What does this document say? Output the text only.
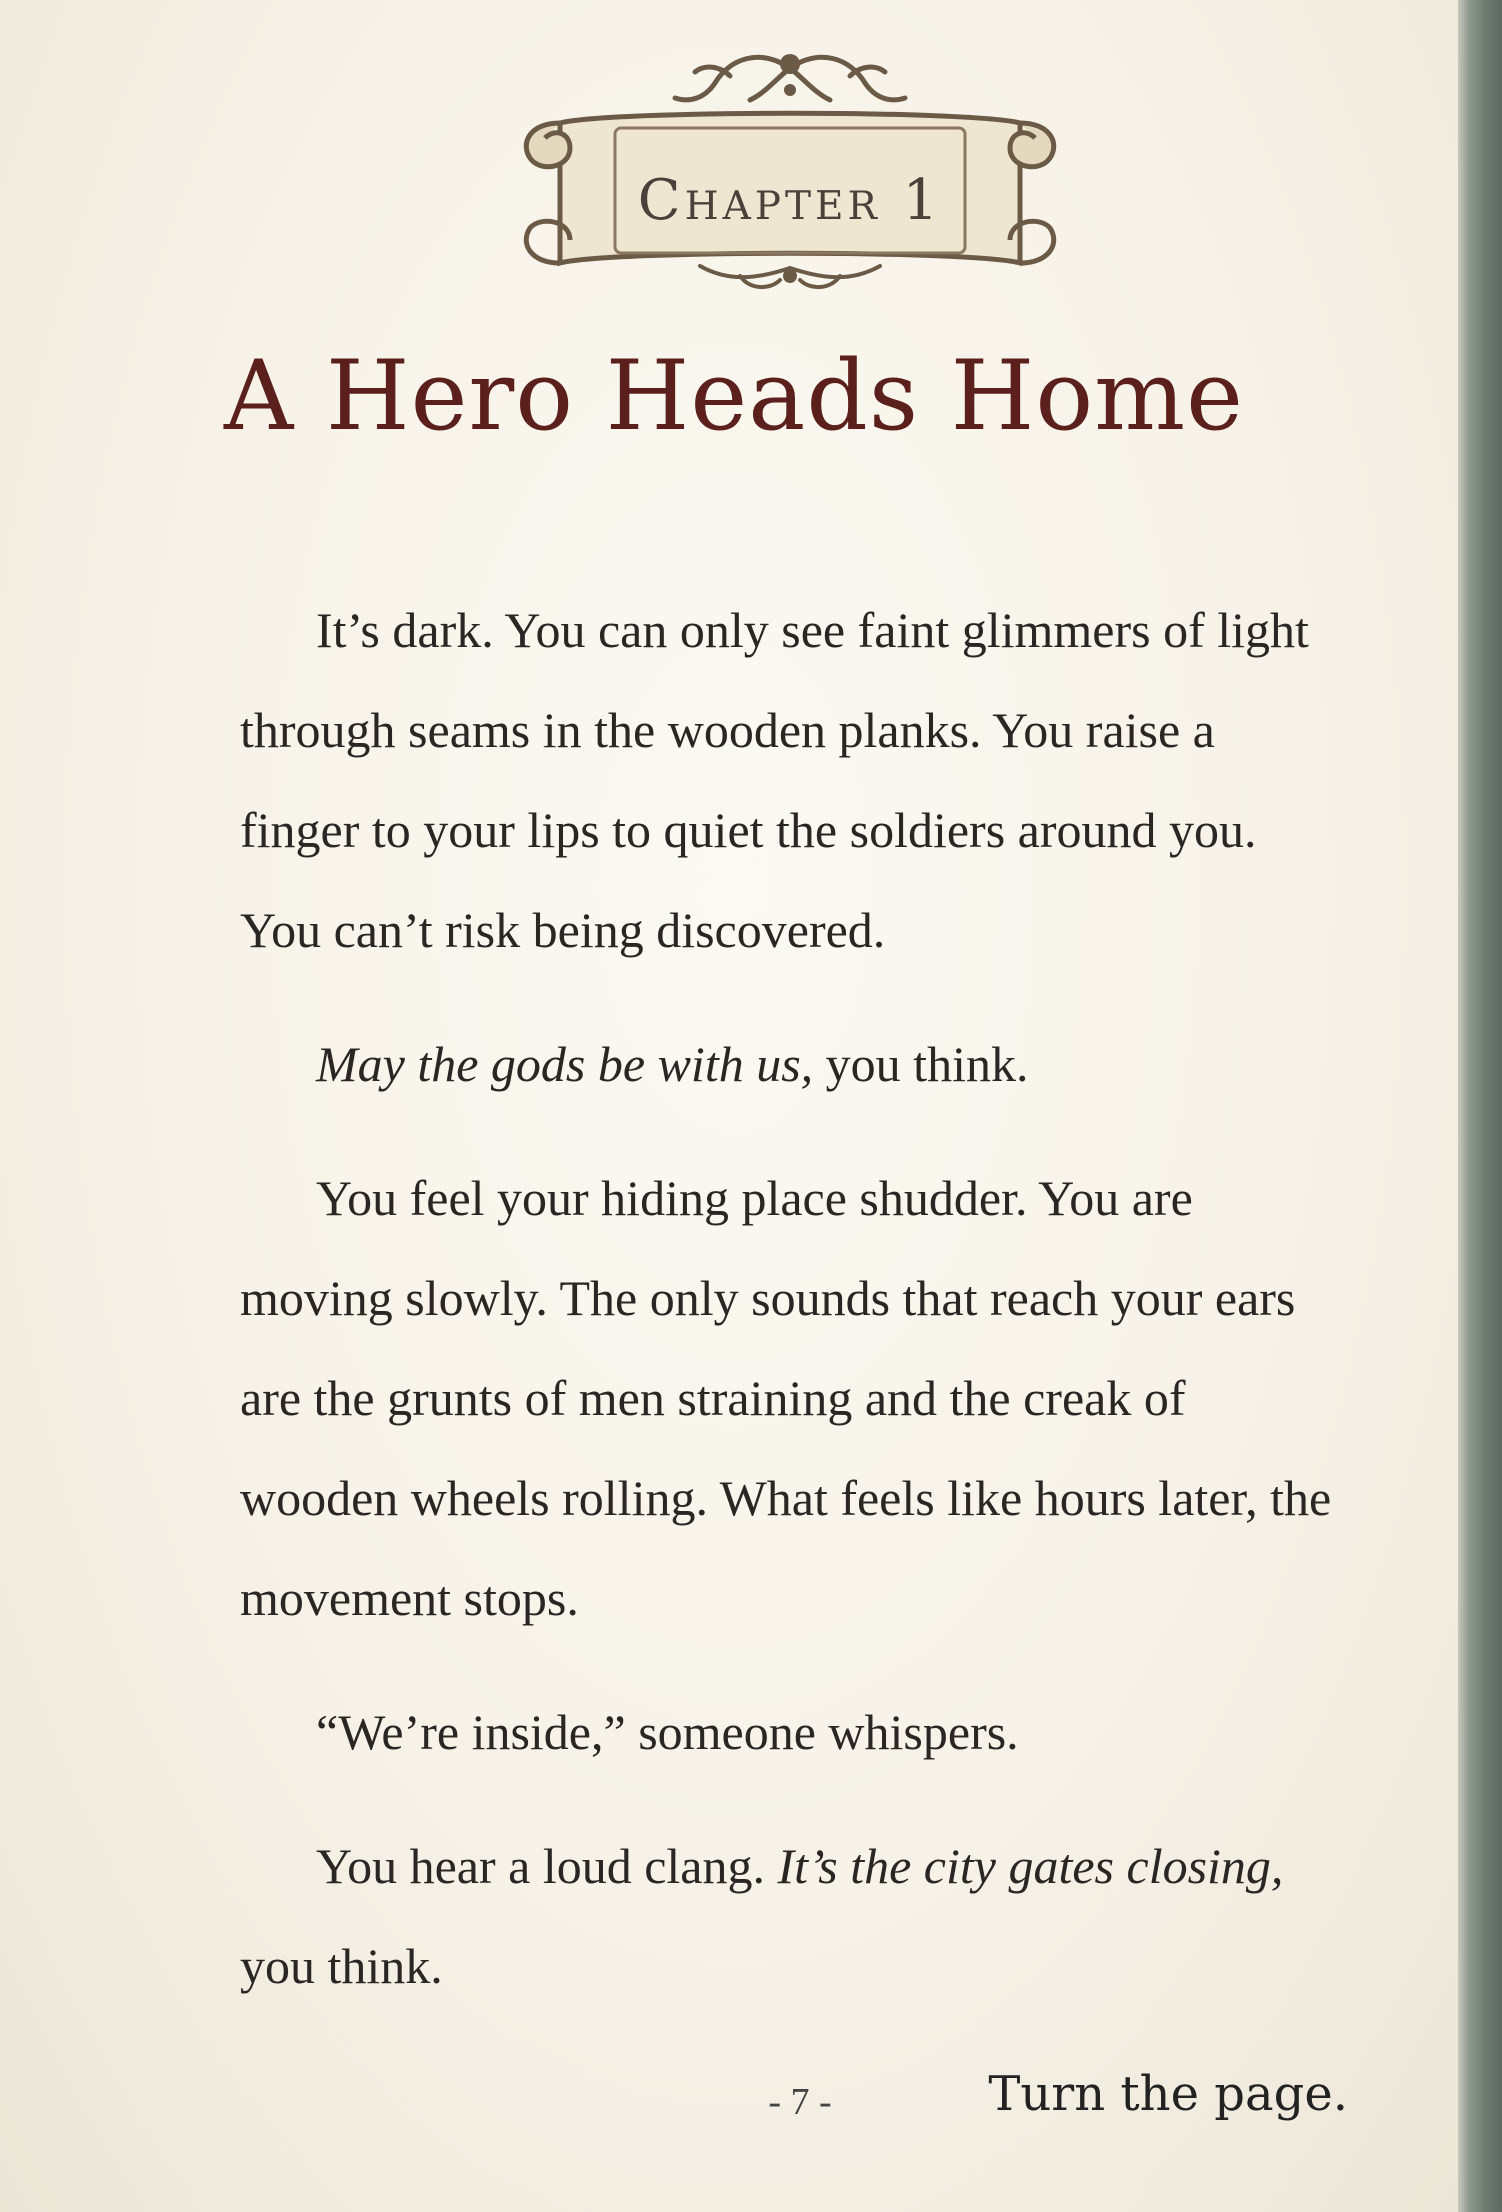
Chapter 1
A Hero Heads Home

It’s dark. You can only see faint glimmers of light through seams in the wooden planks. You raise a finger to your lips to quiet the soldiers around you. You can’t risk being discovered.

May the gods be with us, you think.

You feel your hiding place shudder. You are moving slowly. The only sounds that reach your ears are the grunts of men straining and the creak of wooden wheels rolling. What feels like hours later, the movement stops.

“We’re inside,” someone whispers.

You hear a loud clang. It’s the city gates closing, you think.

- 7 -	Turn the page.
